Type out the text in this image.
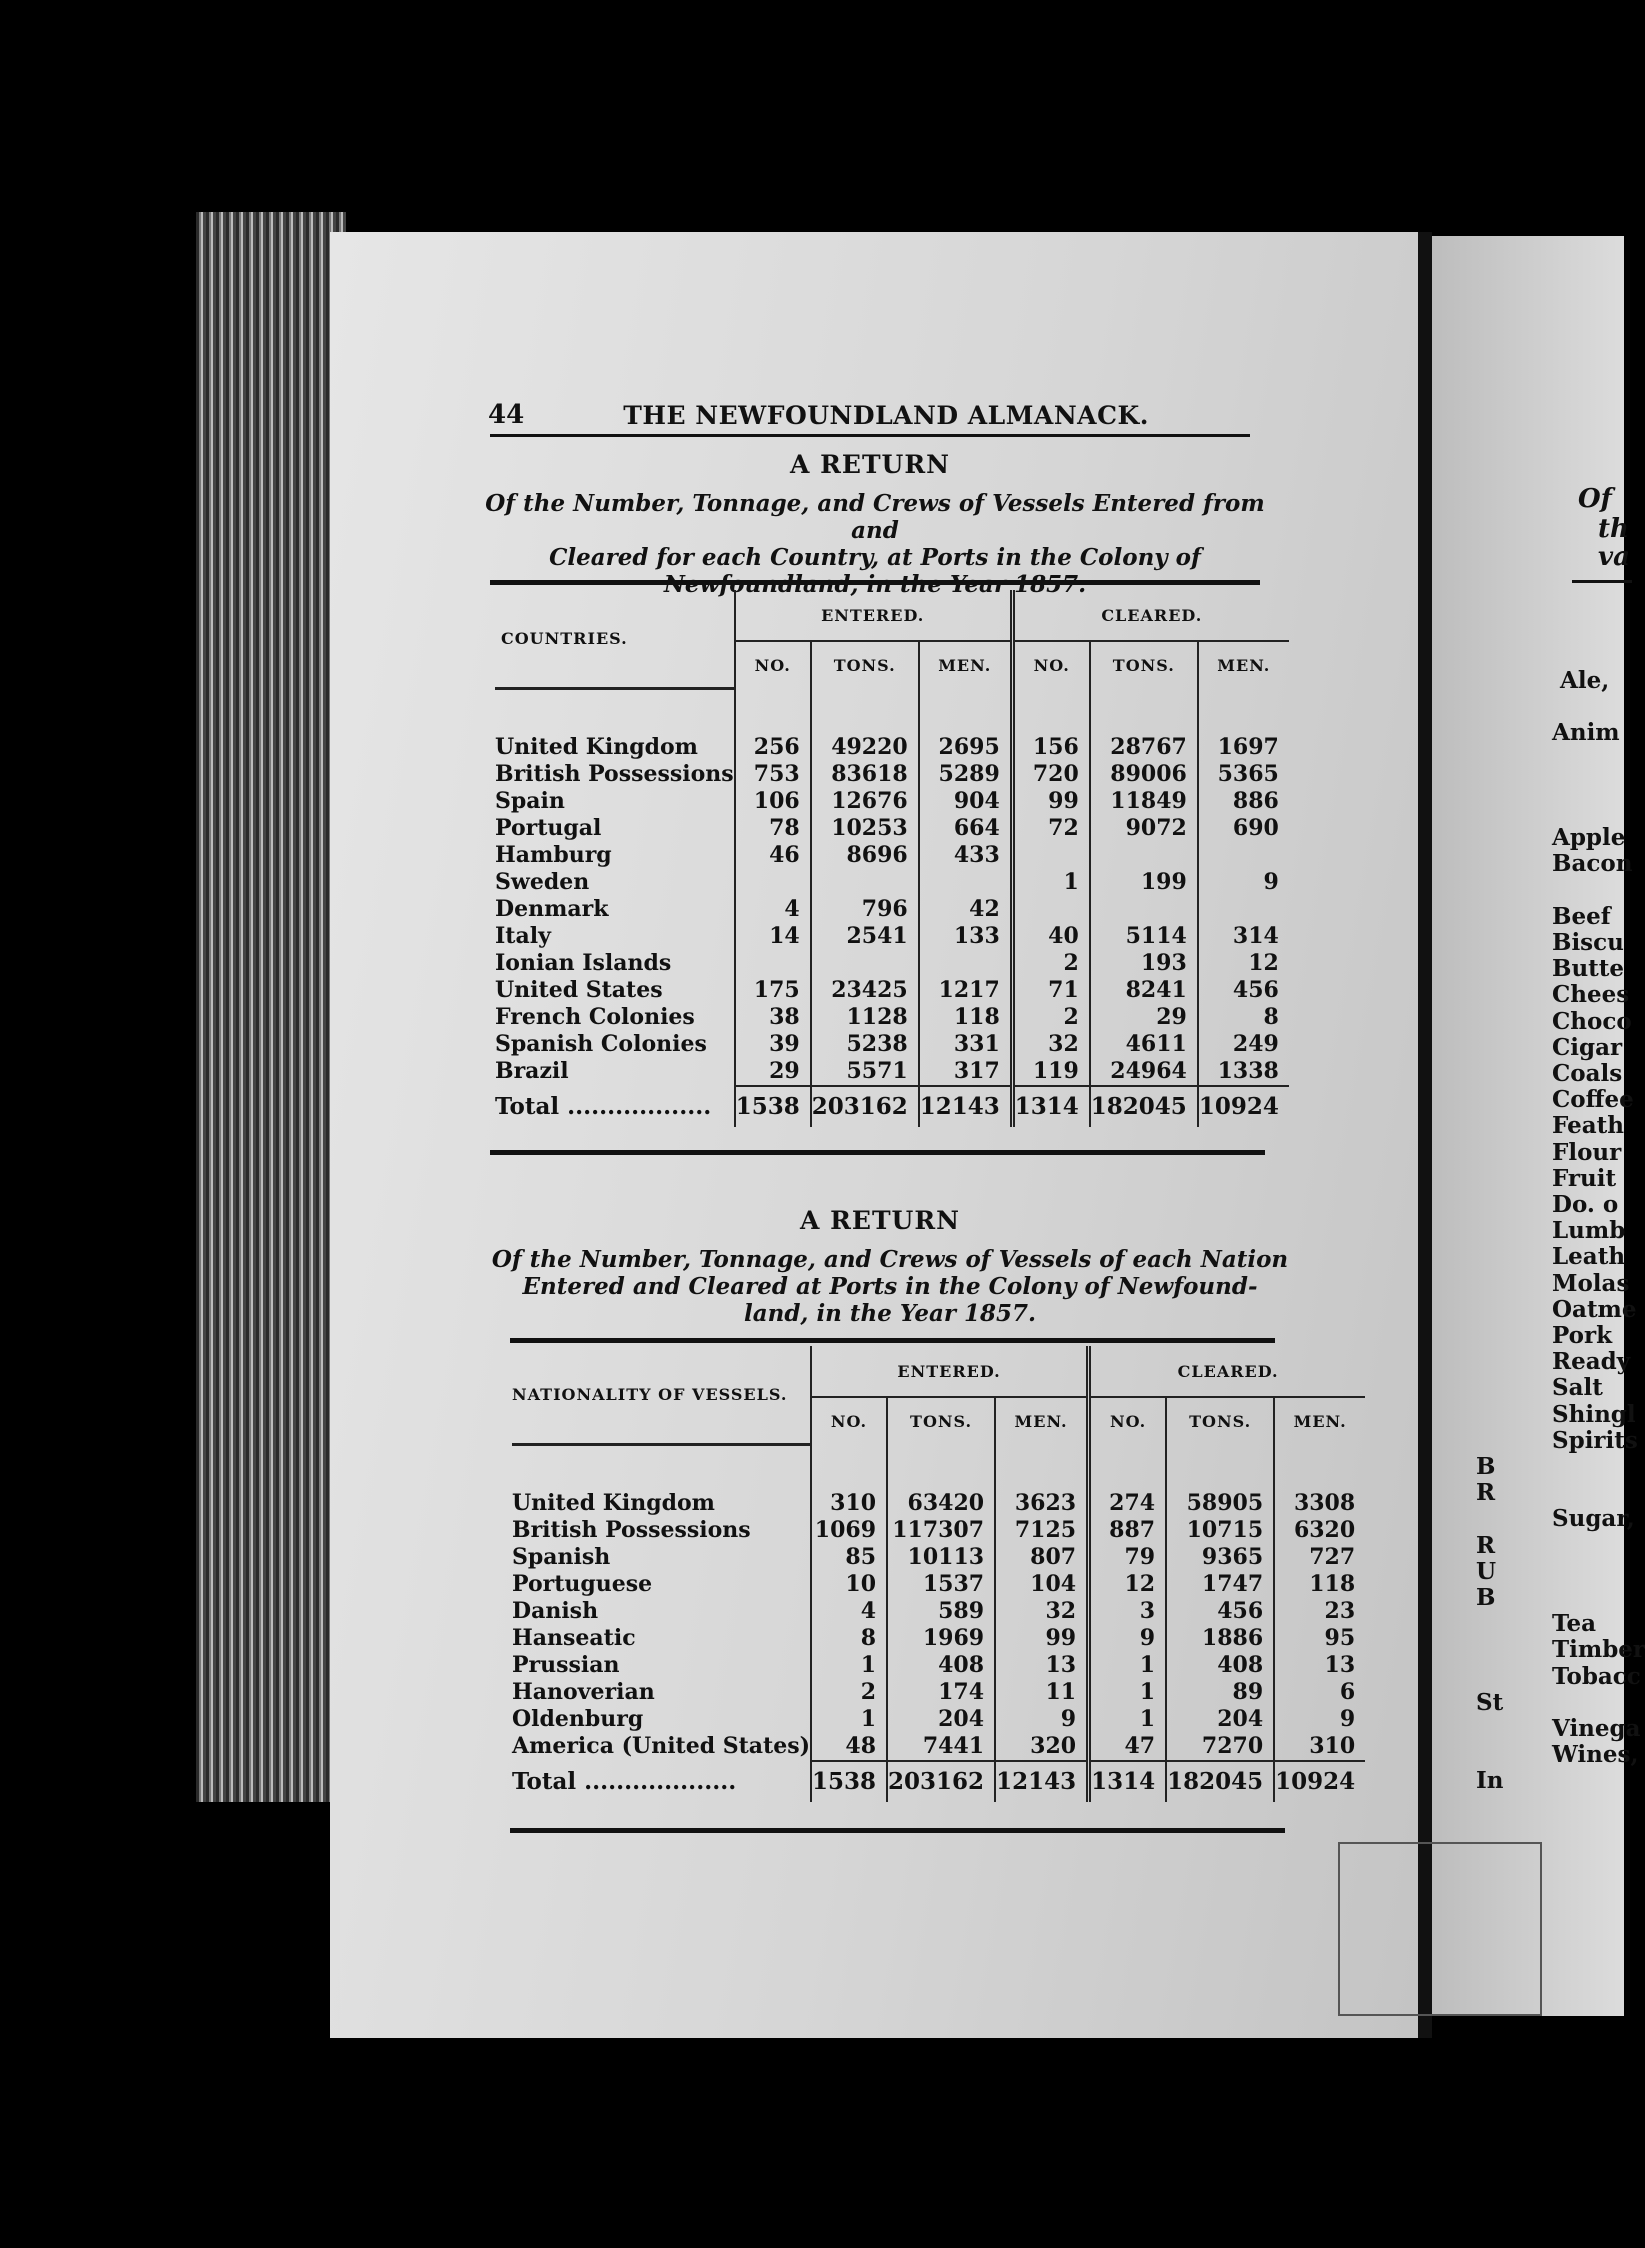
Of
th
va
Ale,
Anim
Apple
Bacon
Beef
Biscu
Butte
Chees
Choco
Cigar
Coals
Coffee
Feath
Flour
Fruit
Do. o
Lumb
Leath
Molas
Oatme
Pork
Ready
Salt
Shingl
Spirits
B
R
Sugar,
R
U
B
Tea
Timber
Tobacc
St
Vinega
Wines,
In
44	THE NEWFOUNDLAND ALMANACK.
A RETURN
Of the Number, Tonnage, and Crews of Vessels Entered from and
Cleared for each Country, at Ports in the Colony of
COUNTRIES.	ENTERED.			CLEARED.		
	NO.	TONS.	MEN.	NO.	TONS.	MEN.

United Kingdom	256	49220	2695	156	28767	1697
British Possessions	753	83618	5289	720	89006	5365
Spain	106	12676	904	99	11849	886
Portugal	78	10253	664	72	9072	690
Hamburg	46	8696	433			
Sweden				1	199	9
Denmark	4	796	42			
Italy	14	2541	133	40	5114	314
Ionian Islands				2	193	12
United States	175	23425	1217	71	8241	456
French Colonies	38	1128	118	2	29	8
Spanish Colonies	39	5238	331	32	4611	249
Brazil	29	5571	317	119	24964	1338
Total ..................	1538	203162	12143	1314	182045	10924
A RETURN
Of the Number, Tonnage, and Crews of Vessels of each Nation
Entered and Cleared at Ports in the Colony of Newfound-
land, in the Year 1857.
NATIONALITY OF VESSELS.	ENTERED.			CLEARED.		
	NO.	TONS.	MEN.	NO.	TONS.	MEN.

United Kingdom	310	63420	3623	274	58905	3308
British Possessions	1069	117307	7125	887	10715	6320
Spanish	85	10113	807	79	9365	727
Portuguese	10	1537	104	12	1747	118
Danish	4	589	32	3	456	23
Hanseatic	8	1969	99	9	1886	95
Prussian	1	408	13	1	408	13
Hanoverian	2	174	11	1	89	6
Oldenburg	1	204	9	1	204	9
America (United States)	48	7441	320	47	7270	310
Total ...................	1538	203162	12143	1314	182045	10924
